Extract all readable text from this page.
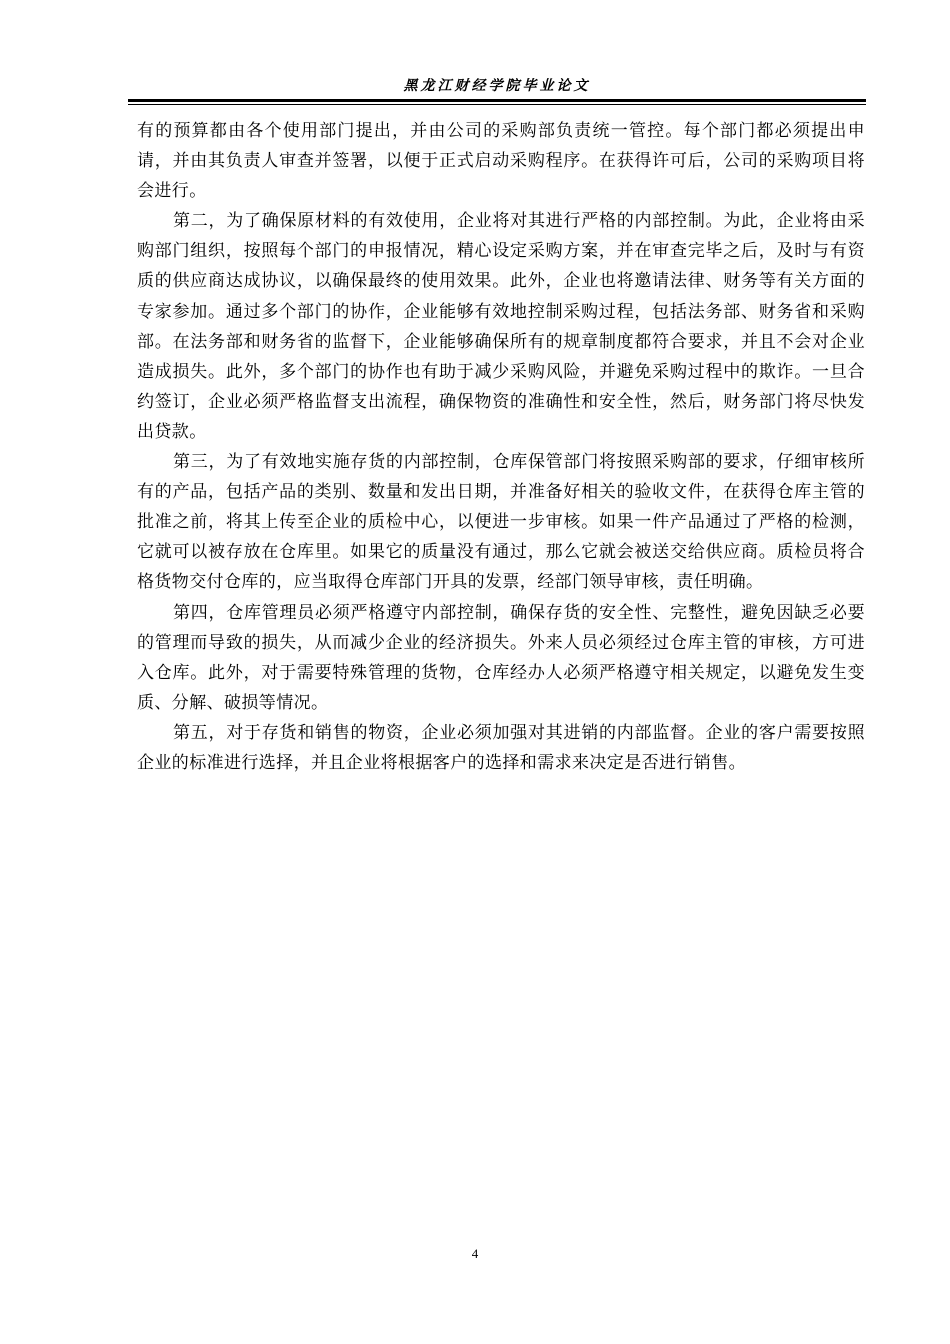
黑龙江财经学院毕业论文

有的预算都由各个使用部门提出，并由公司的采购部负责统一管控。每个部门都必须提出申请，并由其负责人审查并签署，以便于正式启动采购程序。在获得许可后，公司的采购项目将会进行。

第二，为了确保原材料的有效使用，企业将对其进行严格的内部控制。为此，企业将由采购部门组织，按照每个部门的申报情况，精心设定采购方案，并在审查完毕之后，及时与有资质的供应商达成协议，以确保最终的使用效果。此外，企业也将邀请法律、财务等有关方面的专家参加。通过多个部门的协作，企业能够有效地控制采购过程，包括法务部、财务省和采购部。在法务部和财务省的监督下，企业能够确保所有的规章制度都符合要求，并且不会对企业造成损失。此外，多个部门的协作也有助于减少采购风险，并避免采购过程中的欺诈。一旦合约签订，企业必须严格监督支出流程，确保物资的准确性和安全性，然后，财务部门将尽快发出贷款。

第三，为了有效地实施存货的内部控制，仓库保管部门将按照采购部的要求，仔细审核所有的产品，包括产品的类别、数量和发出日期，并准备好相关的验收文件，在获得仓库主管的批准之前，将其上传至企业的质检中心，以便进一步审核。如果一件产品通过了严格的检测，它就可以被存放在仓库里。如果它的质量没有通过，那么它就会被送交给供应商。质检员将合格货物交付仓库的，应当取得仓库部门开具的发票，经部门领导审核，责任明确。

第四，仓库管理员必须严格遵守内部控制，确保存货的安全性、完整性，避免因缺乏必要的管理而导致的损失，从而减少企业的经济损失。外来人员必须经过仓库主管的审核，方可进入仓库。此外，对于需要特殊管理的货物，仓库经办人必须严格遵守相关规定，以避免发生变质、分解、破损等情况。

第五，对于存货和销售的物资，企业必须加强对其进销的内部监督。企业的客户需要按照企业的标准进行选择，并且企业将根据客户的选择和需求来决定是否进行销售。

4
